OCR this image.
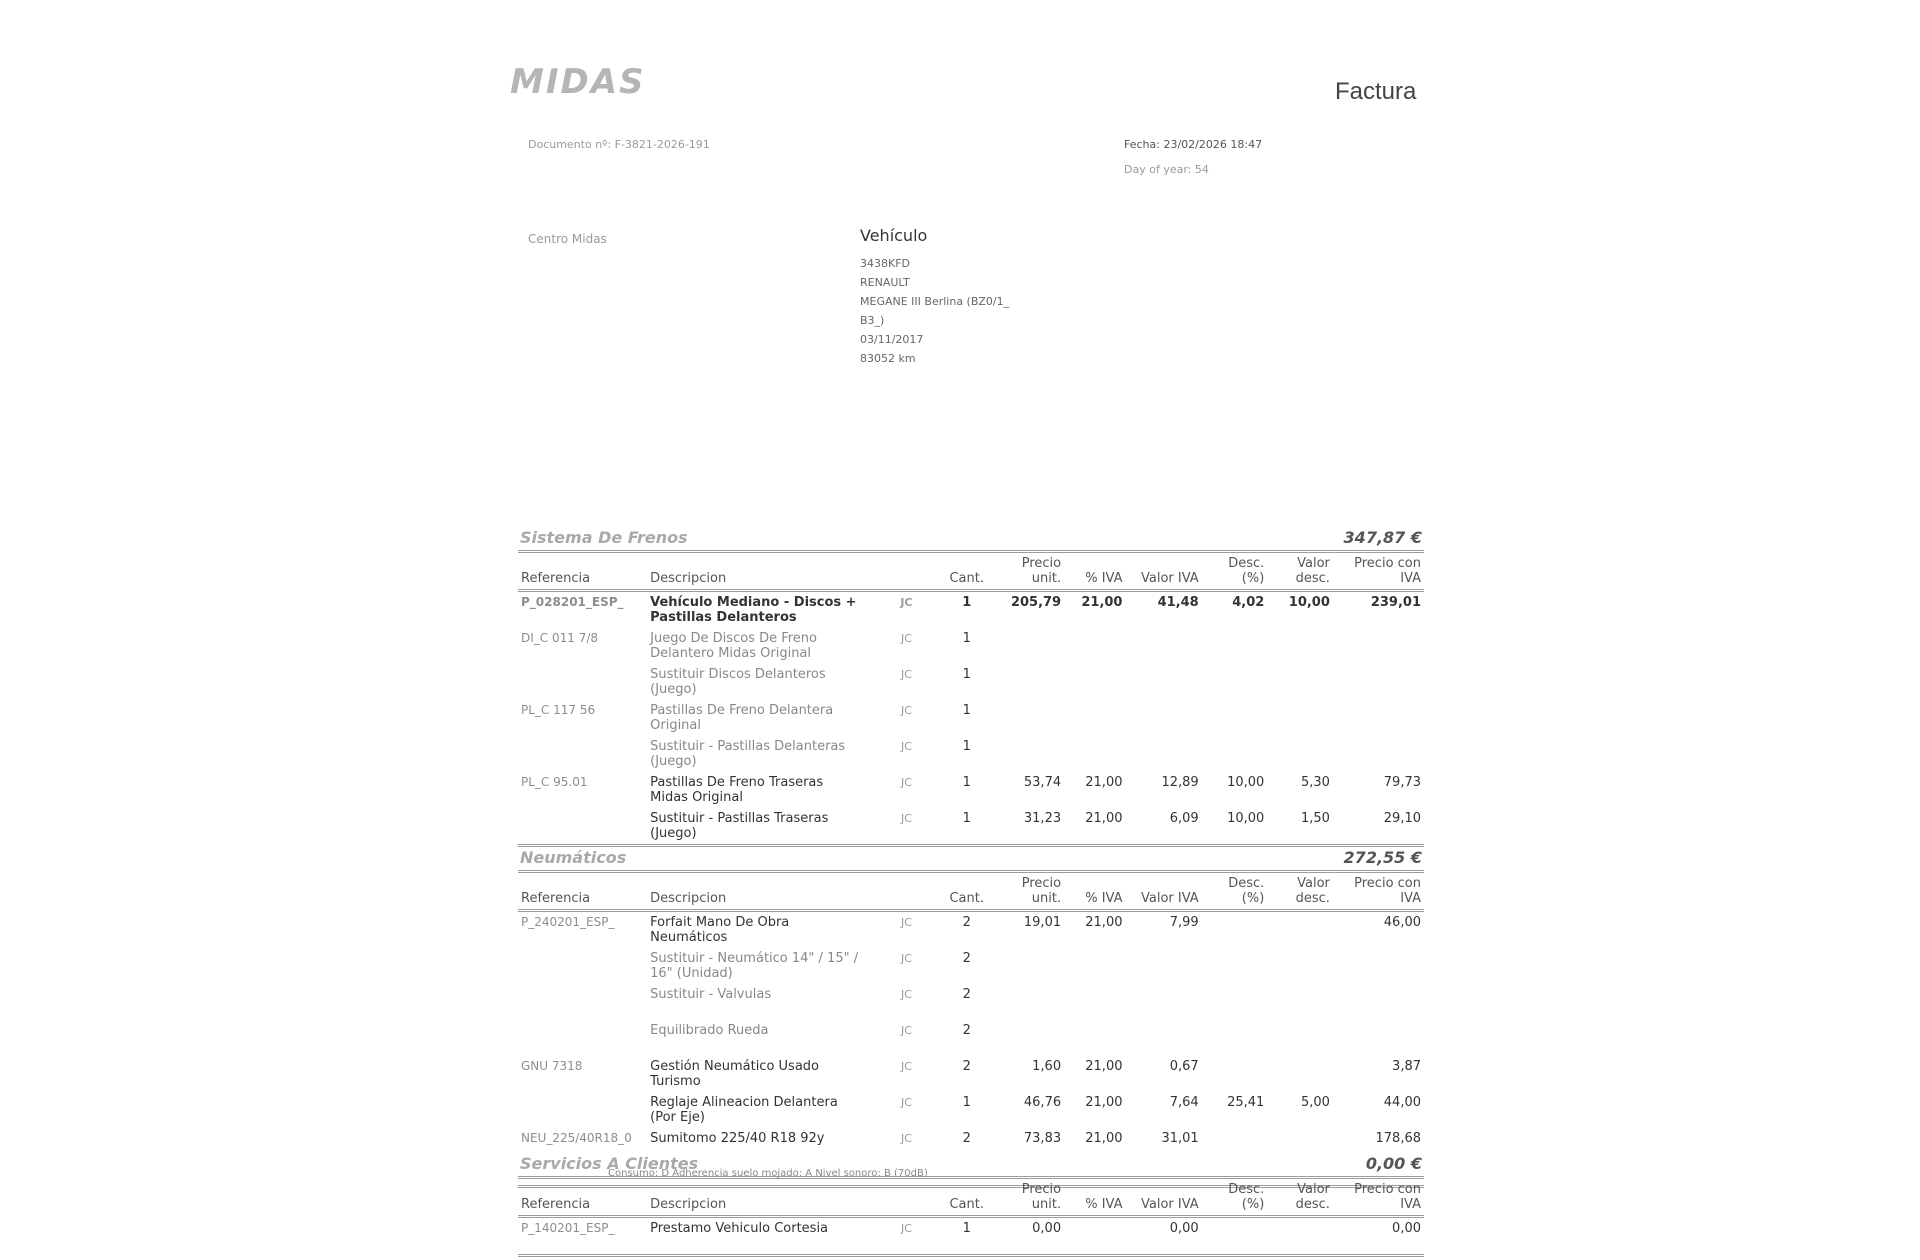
MIDAS	Factura
Documento nº: F-3821-2026-191	Fecha: 23/02/2026 18:47
Day of year: 54
Centro Midas	Vehículo
3438KFD
RENAULT
MEGANE III Berlina (BZ0/1_
B3_)
03/11/2017
83052 km
Sistema De Frenos	347,87 €
Referencia	Descripcion		Cant.	Precio unit.	% IVA	Valor IVA	Desc. (%)	Valor desc.	Precio con IVA
P_028201_ESP_	Vehículo Mediano - Discos + Pastillas Delanteros	JC	1	205,79	21,00	41,48	4,02	10,00	239,01
DI_C 011 7/8	Juego De Discos De Freno Delantero Midas Original	JC	1						
	Sustituir Discos Delanteros (Juego)	JC	1						
PL_C 117 56	Pastillas De Freno Delantera Original	JC	1						
	Sustituir - Pastillas Delanteras (Juego)	JC	1						
PL_C 95.01	Pastillas De Freno Traseras Midas Original	JC	1	53,74	21,00	12,89	10,00	5,30	79,73
	Sustituir - Pastillas Traseras (Juego)	JC	1	31,23	21,00	6,09	10,00	1,50	29,10
Neumáticos	272,55 €
Referencia	Descripcion		Cant.	Precio unit.	% IVA	Valor IVA	Desc. (%)	Valor desc.	Precio con IVA
P_240201_ESP_	Forfait Mano De Obra Neumáticos	JC	2	19,01	21,00	7,99			46,00
	Sustituir - Neumático 14" / 15" / 16" (Unidad)	JC	2						
	Sustituir - Valvulas	JC	2						
	Equilibrado Rueda	JC	2						
GNU 7318	Gestión Neumático Usado Turismo	JC	2	1,60	21,00	0,67			3,87
	Reglaje Alineacion Delantera (Por Eje)	JC	1	46,76	21,00	7,64	25,41	5,00	44,00
NEU_225/40R18_0	Sumitomo 225/40 R18 92y	JC	2	73,83	21,00	31,01			178,68
Consumo: D Adherencia suelo mojado: A Nivel sonoro: B (70dB)									
Servicios A Clientes	0,00 €
Referencia	Descripcion		Cant.	Precio unit.	% IVA	Valor IVA	Desc. (%)	Valor desc.	Precio con IVA
P_140201_ESP_	Prestamo Vehiculo Cortesia	JC	1	0,00		0,00			0,00
